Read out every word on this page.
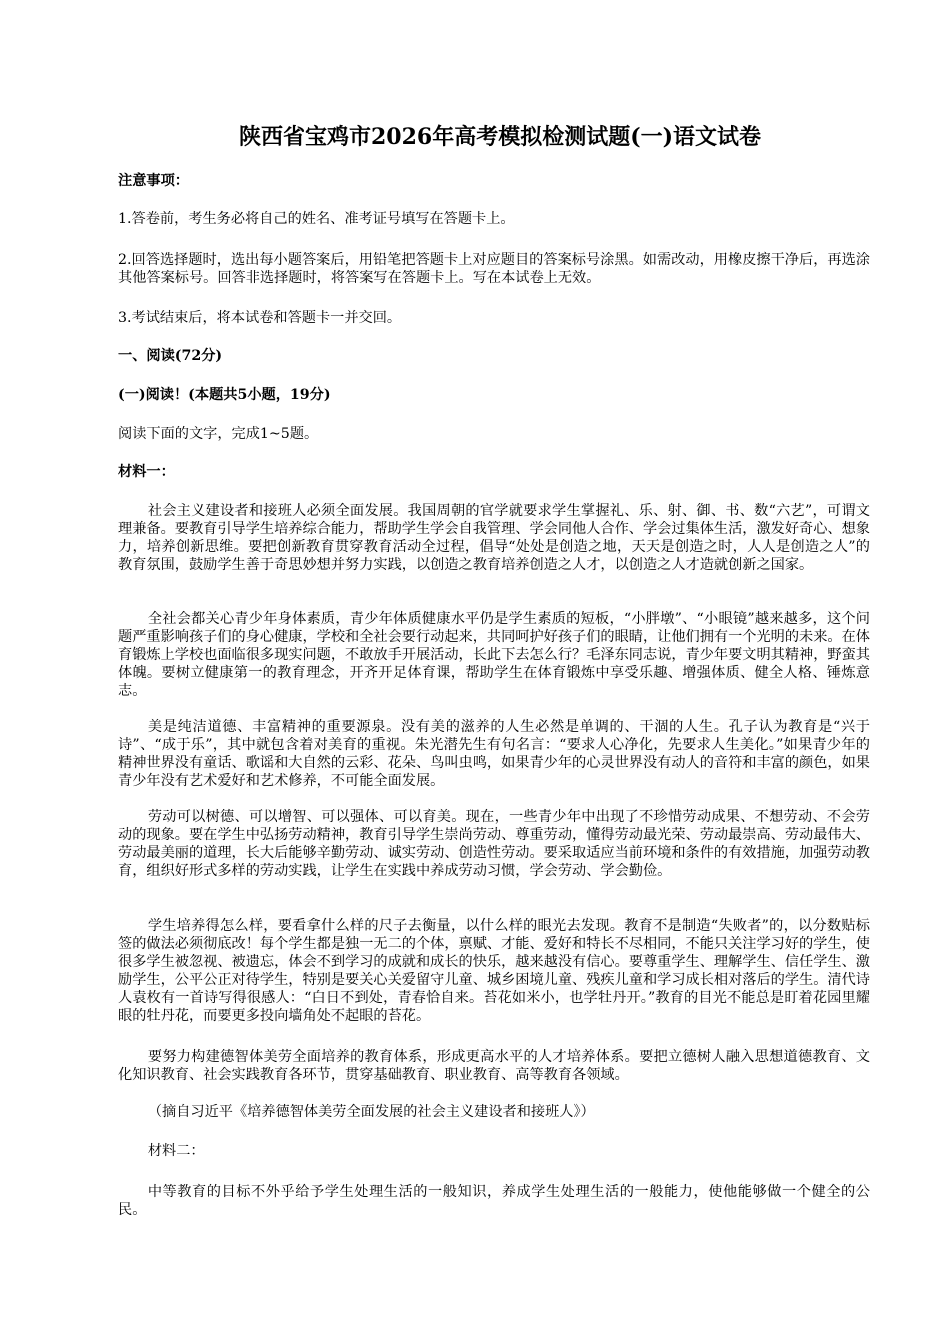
陕西省宝鸡市2026年高考模拟检测试题(一)语文试卷
注意事项：
1.答卷前，考生务必将自己的姓名、准考证号填写在答题卡上。
2.回答选择题时，选出每小题答案后，用铅笔把答题卡上对应题目的答案标号涂黑。如需改动，用橡皮擦干净后，再选涂其他答案标号。回答非选择题时，将答案写在答题卡上。写在本试卷上无效。
3.考试结束后，将本试卷和答题卡一并交回。
一、阅读(72分)
(一)阅读！(本题共5小题，19分)
阅读下面的文字，完成1~5题。
材料一：
社会主义建设者和接班人必须全面发展。我国周朝的官学就要求学生掌握礼、乐、射、御、书、数“六艺”，可谓文理兼备。要教育引导学生培养综合能力，帮助学生学会自我管理、学会同他人合作、学会过集体生活，激发好奇心、想象力，培养创新思维。要把创新教育贯穿教育活动全过程，倡导“处处是创造之地，天天是创造之时，人人是创造之人”的教育氛围，鼓励学生善于奇思妙想并努力实践，以创造之教育培养创造之人才，以创造之人才造就创新之国家。
全社会都关心青少年身体素质，青少年体质健康水平仍是学生素质的短板，“小胖墩”、“小眼镜”越来越多，这个问题严重影响孩子们的身心健康，学校和全社会要行动起来，共同呵护好孩子们的眼睛，让他们拥有一个光明的未来。在体育锻炼上学校也面临很多现实问题，不敢放手开展活动，长此下去怎么行？毛泽东同志说，青少年要文明其精神，野蛮其体魄。要树立健康第一的教育理念，开齐开足体育课，帮助学生在体育锻炼中享受乐趣、增强体质、健全人格、锤炼意志。
美是纯洁道德、丰富精神的重要源泉。没有美的滋养的人生必然是单调的、干涸的人生。孔子认为教育是“兴于诗”、“成于乐”，其中就包含着对美育的重视。朱光潜先生有句名言：“要求人心净化，先要求人生美化。”如果青少年的精神世界没有童话、歌谣和大自然的云彩、花朵、鸟叫虫鸣，如果青少年的心灵世界没有动人的音符和丰富的颜色，如果青少年没有艺术爱好和艺术修养，不可能全面发展。
劳动可以树德、可以增智、可以强体、可以育美。现在，一些青少年中出现了不珍惜劳动成果、不想劳动、不会劳动的现象。要在学生中弘扬劳动精神，教育引导学生崇尚劳动、尊重劳动，懂得劳动最光荣、劳动最崇高、劳动最伟大、劳动最美丽的道理，长大后能够辛勤劳动、诚实劳动、创造性劳动。要采取适应当前环境和条件的有效措施，加强劳动教育，组织好形式多样的劳动实践，让学生在实践中养成劳动习惯，学会劳动、学会勤俭。
学生培养得怎么样，要看拿什么样的尺子去衡量，以什么样的眼光去发现。教育不是制造“失败者”的，以分数贴标签的做法必须彻底改！每个学生都是独一无二的个体，禀赋、才能、爱好和特长不尽相同，不能只关注学习好的学生，使很多学生被忽视、被遗忘，体会不到学习的成就和成长的快乐，越来越没有信心。要尊重学生、理解学生、信任学生、激励学生，公平公正对待学生，特别是要关心关爱留守儿童、城乡困境儿童、残疾儿童和学习成长相对落后的学生。清代诗人袁枚有一首诗写得很感人：“白日不到处，青春恰自来。苔花如米小，也学牡丹开。”教育的目光不能总是盯着花园里耀眼的牡丹花，而要更多投向墙角处不起眼的苔花。
要努力构建德智体美劳全面培养的教育体系，形成更高水平的人才培养体系。要把立德树人融入思想道德教育、文化知识教育、社会实践教育各环节，贯穿基础教育、职业教育、高等教育各领域。
（摘自习近平《培养德智体美劳全面发展的社会主义建设者和接班人》）
材料二：
中等教育的目标不外乎给予学生处理生活的一般知识，养成学生处理生活的一般能力，使他能够做一个健全的公民。
